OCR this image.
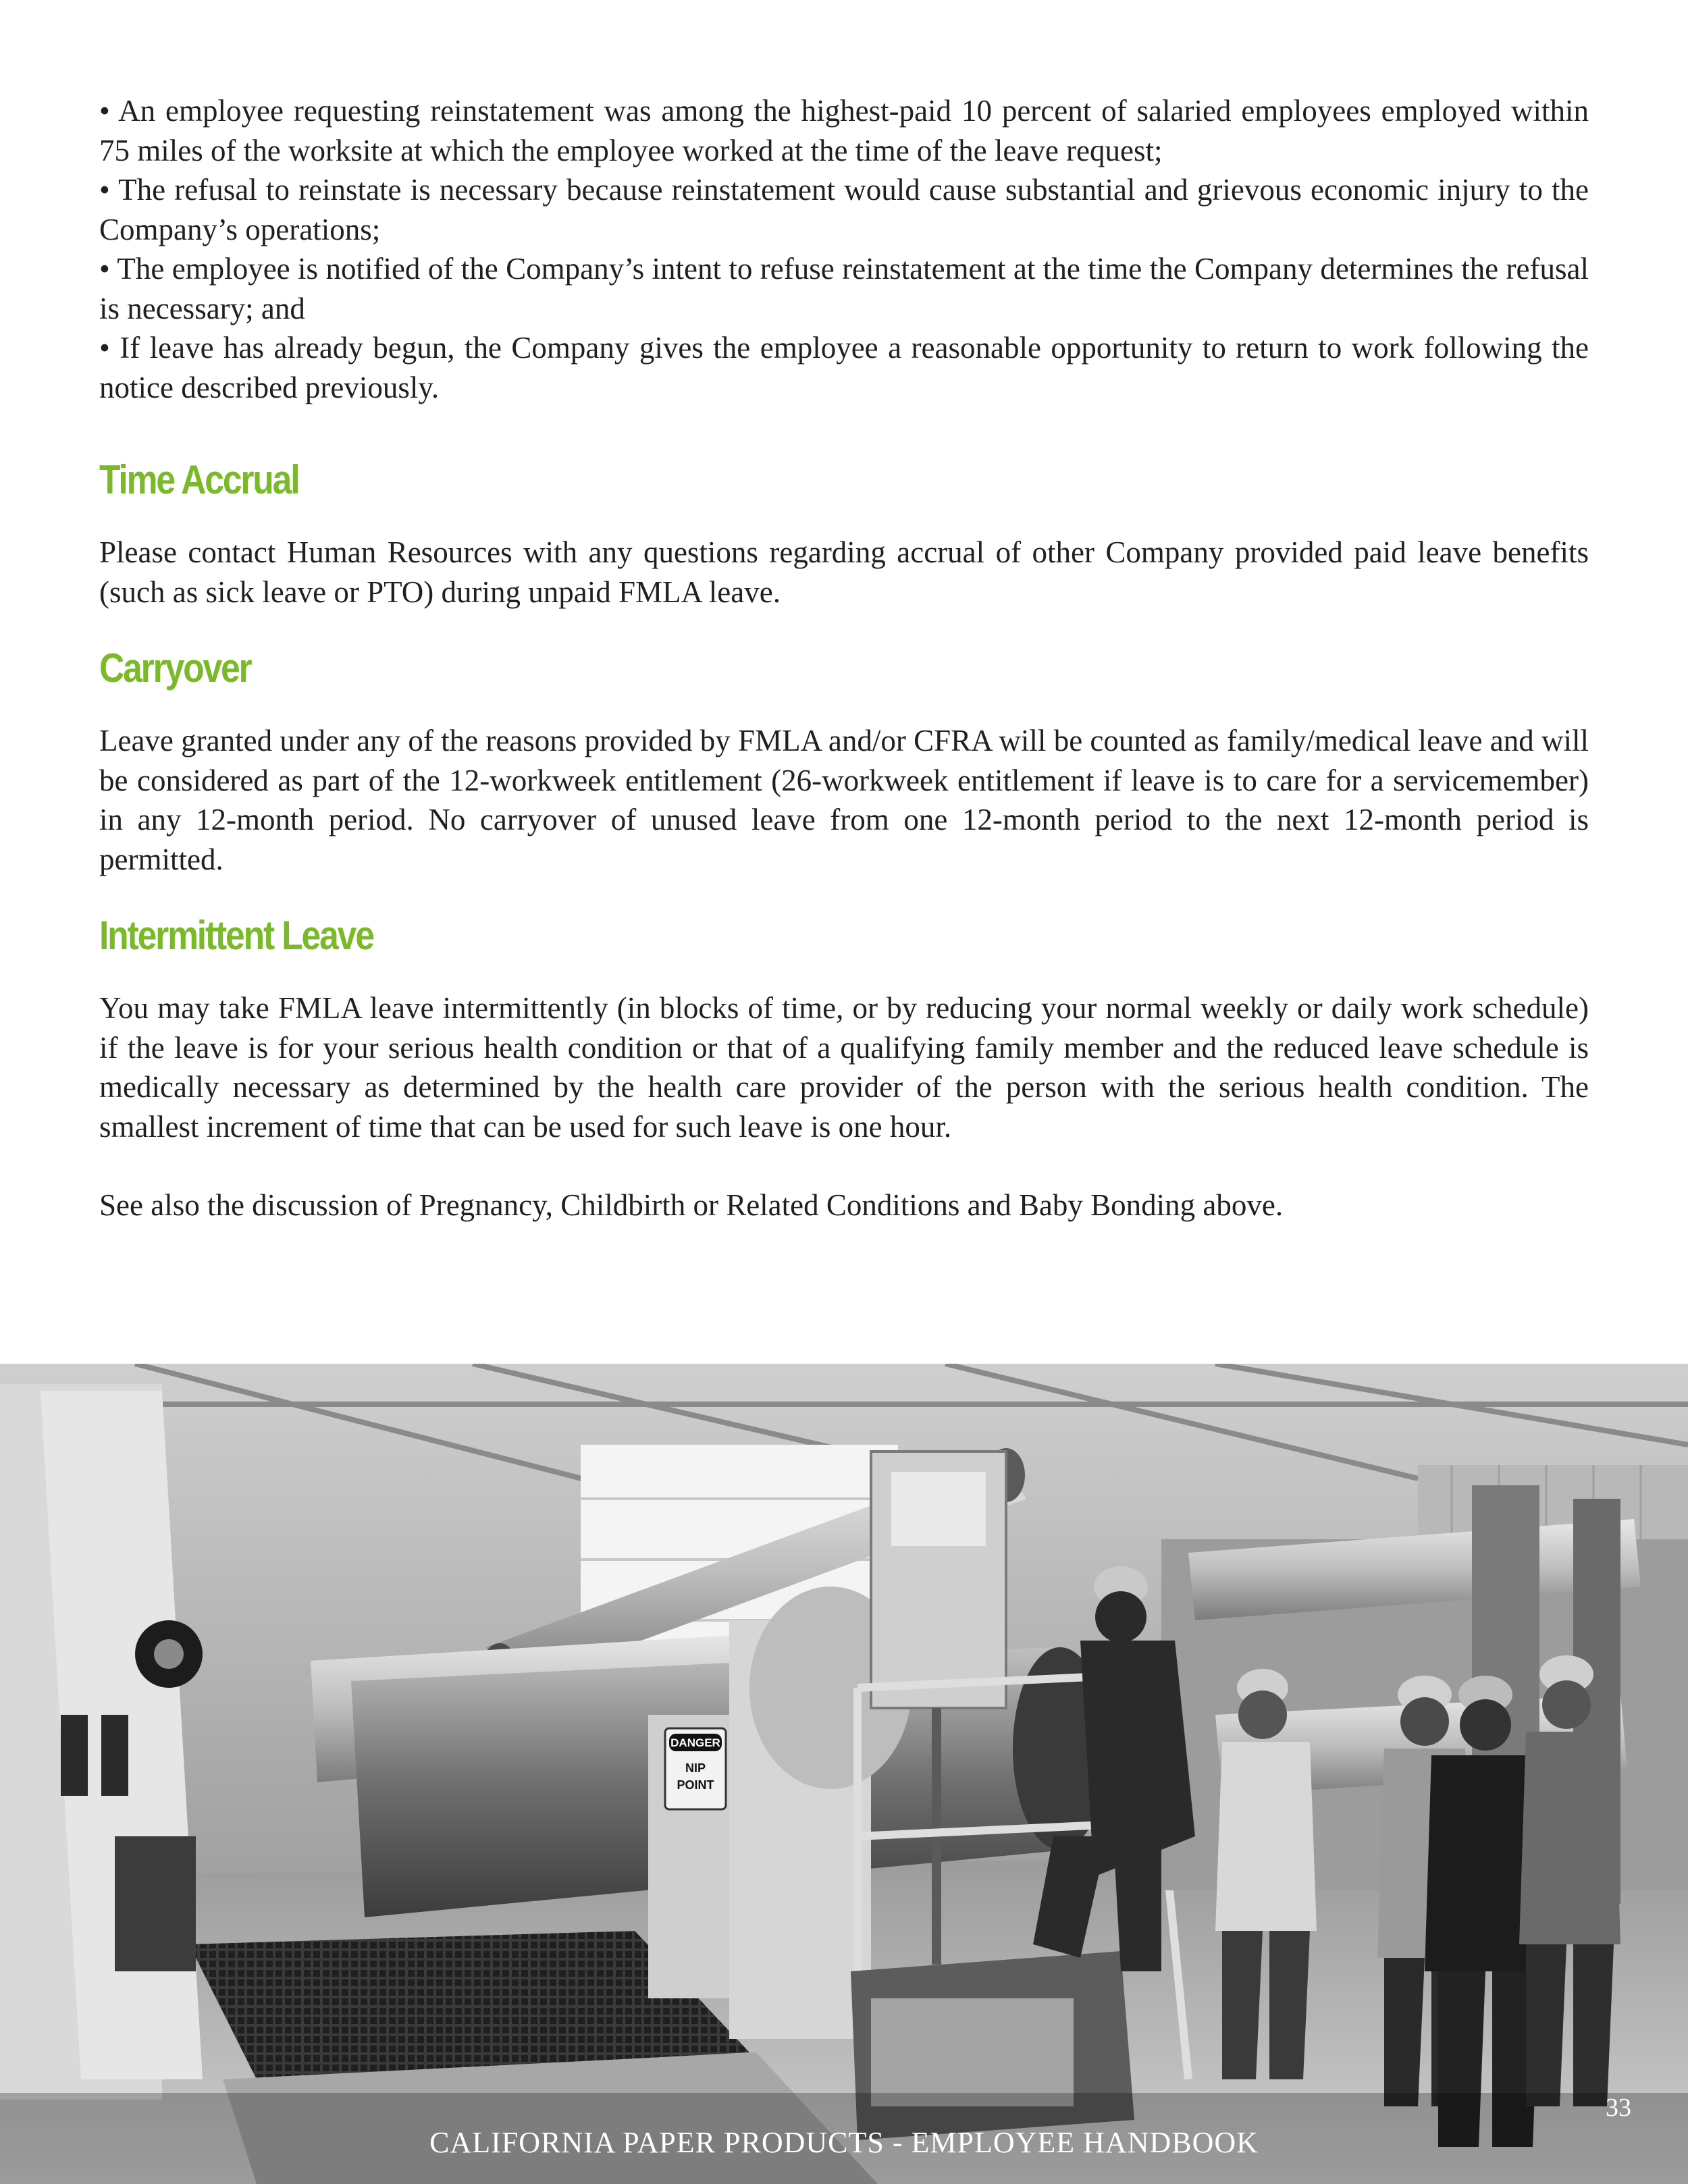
• An employee requesting reinstatement was among the highest-paid 10 percent of salaried employees employed within 75 miles of the worksite at which the employee worked at the time of the leave request;
• The refusal to reinstate is necessary because reinstatement would cause substantial and grievous economic injury to the Company’s operations;
• The employee is notified of the Company’s intent to refuse reinstatement at the time the Company determines the refusal is necessary; and
• If leave has already begun, the Company gives the employee a reasonable opportunity to return to work following the notice described previously.
Time Accrual

Please contact Human Resources with any questions regarding accrual of other Company provided paid leave benefits (such as sick leave or PTO) during unpaid FMLA leave.

Carryover

Leave granted under any of the reasons provided by FMLA and/or CFRA will be counted as family/medical leave and will be considered as part of the 12-workweek entitlement (26-workweek entitlement if leave is to care for a servicemember) in any 12-month period. No carryover of unused leave from one 12-month period to the next 12-month period is permitted.

Intermittent Leave

You may take FMLA leave intermittently (in blocks of time, or by reducing your normal weekly or daily work schedule) if the leave is for your serious health condition or that of a qualifying family member and the reduced leave schedule is medically necessary as determined by the health care provider of the person with the serious health condition. The smallest increment of time that can be used for such leave is one hour.

See also the discussion of Pregnancy, Childbirth or Related Conditions and Baby Bonding above.

DANGER
NIP
POINT
33
CALIFORNIA PAPER PRODUCTS - EMPLOYEE HANDBOOK
